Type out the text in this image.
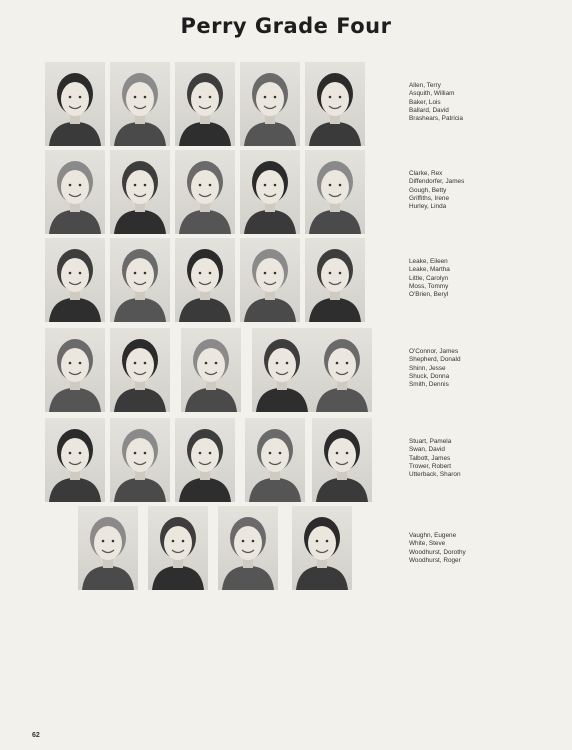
Perry Grade Four
Allen, Terry
Asquith, William
Baker, Lois
Ballard, David
Brashears, Patricia
Clarke, Rex
Diffendorfer, James
Gough, Betty
Griffiths, Irene
Hurley, Linda
Leake, Eileen
Leake, Martha
Little, Carolyn
Moss, Tommy
O'Brien, Beryl
O'Connor, James
Shepherd, Donald
Shinn, Jesse
Shuck, Donna
Smith, Dennis
Stuart, Pamela
Swan, David
Talbott, James
Trower, Robert
Utterback, Sharon
Vaughn, Eugene
White, Steve
Woodhurst, Dorothy
Woodhurst, Roger
62
